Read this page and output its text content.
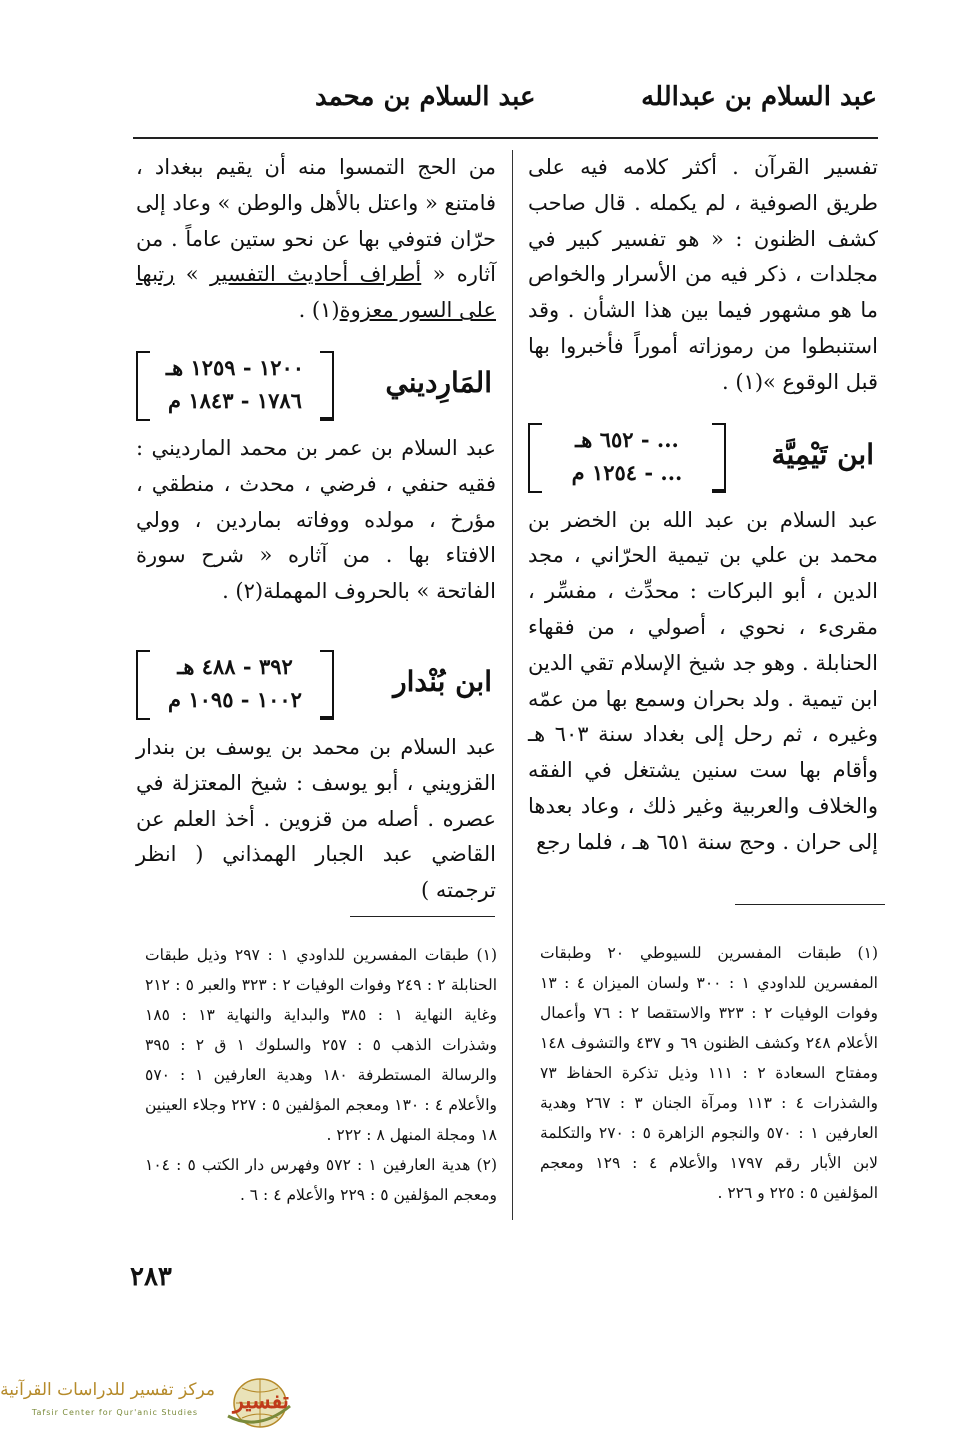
عبد السلام بن عبدالله
عبد السلام بن محمد

تفسير القرآن . أكثر كلامه فيه على طريق الصوفية ، لم يكمله . قال صاحب كشف الظنون : « هو تفسير كبير في مجلدات ، ذكر فيه من الأسرار والخواص ما هو مشهور فيما بين هذا الشأن . وقد استنبطوا من رموزاته أموراً فأخبروا بها قبل الوقوع »(١) .

ابن تَيْمِيَّة
... - ٦٥٢ هـ
... - ١٢٥٤ م

عبد السلام بن عبد الله بن الخضر بن محمد بن علي بن تيمية الحرّاني ، مجد الدين ، أبو البركات : محدِّث ، مفسِّر ، مقرىء ، نحوي ، أصولي ، من فقهاء الحنابلة . وهو جد شيخ الإسلام تقي الدين ابن تيمية . ولد بحران وسمع بها من عمّه وغيره ، ثم رحل إلى بغداد سنة ٦٠٣ هـ وأقام بها ست سنين يشتغل في الفقه والخلاف والعربية وغير ذلك ، وعاد بعدها إلى حران . وحج سنة ٦٥١ هـ ، فلما رجع

من الحج التمسوا منه أن يقيم ببغداد ، فامتنع « واعتل بالأهل والوطن » وعاد إلى حرّان فتوفي بها عن نحو ستين عاماً . من آثاره « أطراف أحاديث التفسير » رتبها على السور معزوة(١) .

المَارِديني
١٢٠٠ - ١٢٥٩ هـ
١٧٨٦ - ١٨٤٣ م

عبد السلام بن عمر بن محمد المارديني : فقيه حنفي ، فرضي ، محدث ، منطقي ، مؤرخ ، مولده ووفاته بماردين ، وولي الافتاء بها . من آثاره « شرح سورة الفاتحة » بالحروف المهملة(٢) .

ابن بُنْدار
٣٩٢ - ٤٨٨ هـ
١٠٠٢ - ١٠٩٥ م

عبد السلام بن محمد بن يوسف بن بندار القزويني ، أبو يوسف : شيخ المعتزلة في عصره . أصله من قزوين . أخذ العلم عن القاضي عبد الجبار الهمذاني ( انظر ترجمته )

(١) طبقات المفسرين للسيوطي ٢٠ وطبقات المفسرين للداودي ١ : ٣٠٠ ولسان الميزان ٤ : ١٣ وفوات الوفيات ٢ : ٣٢٣ والاستقصا ٢ : ٧٦ وأعمال الأعلام ٢٤٨ وكشف الظنون ٦٩ و ٤٣٧ والتشوف ١٤٨ ومفتاح السعادة ٢ : ١١١ وذيل تذكرة الحفاظ ٧٣ والشذرات ٤ : ١١٣ ومرآة الجنان ٣ : ٢٦٧ وهدية العارفين ١ : ٥٧٠ والنجوم الزاهرة ٥ : ٢٧٠ والتكلمة لابن الأبار رقم ١٧٩٧ والأعلام ٤ : ١٢٩ ومعجم المؤلفين ٥ : ٢٢٥ و ٢٢٦ .

(١) طبقات المفسرين للداودي ١ : ٢٩٧ وذيل طبقات الحنابلة ٢ : ٢٤٩ وفوات الوفيات ٢ : ٣٢٣ والعبر ٥ : ٢١٢ وغاية النهاية ١ : ٣٨٥ والبداية والنهاية ١٣ : ١٨٥ وشذرات الذهب ٥ : ٢٥٧ والسلوك ١ ق ٢ : ٣٩٥ والرسالة المستطرفة ١٨٠ وهدية العارفين ١ : ٥٧٠ والأعلام ٤ : ١٣٠ ومعجم المؤلفين ٥ : ٢٢٧ وجلاء العينين ١٨ ومجلة المنهل ٨ : ٢٢٢ .

(٢) هدية العارفين ١ : ٥٧٢ وفهرس دار الكتب ٥ : ١٠٤ ومعجم المؤلفين ٥ : ٢٢٩ والأعلام ٤ : ٦ .

٢٨٣
مركز تفسير للدراسات القرآنية
Tafsir Center for Qur'anic Studies	تفسير
